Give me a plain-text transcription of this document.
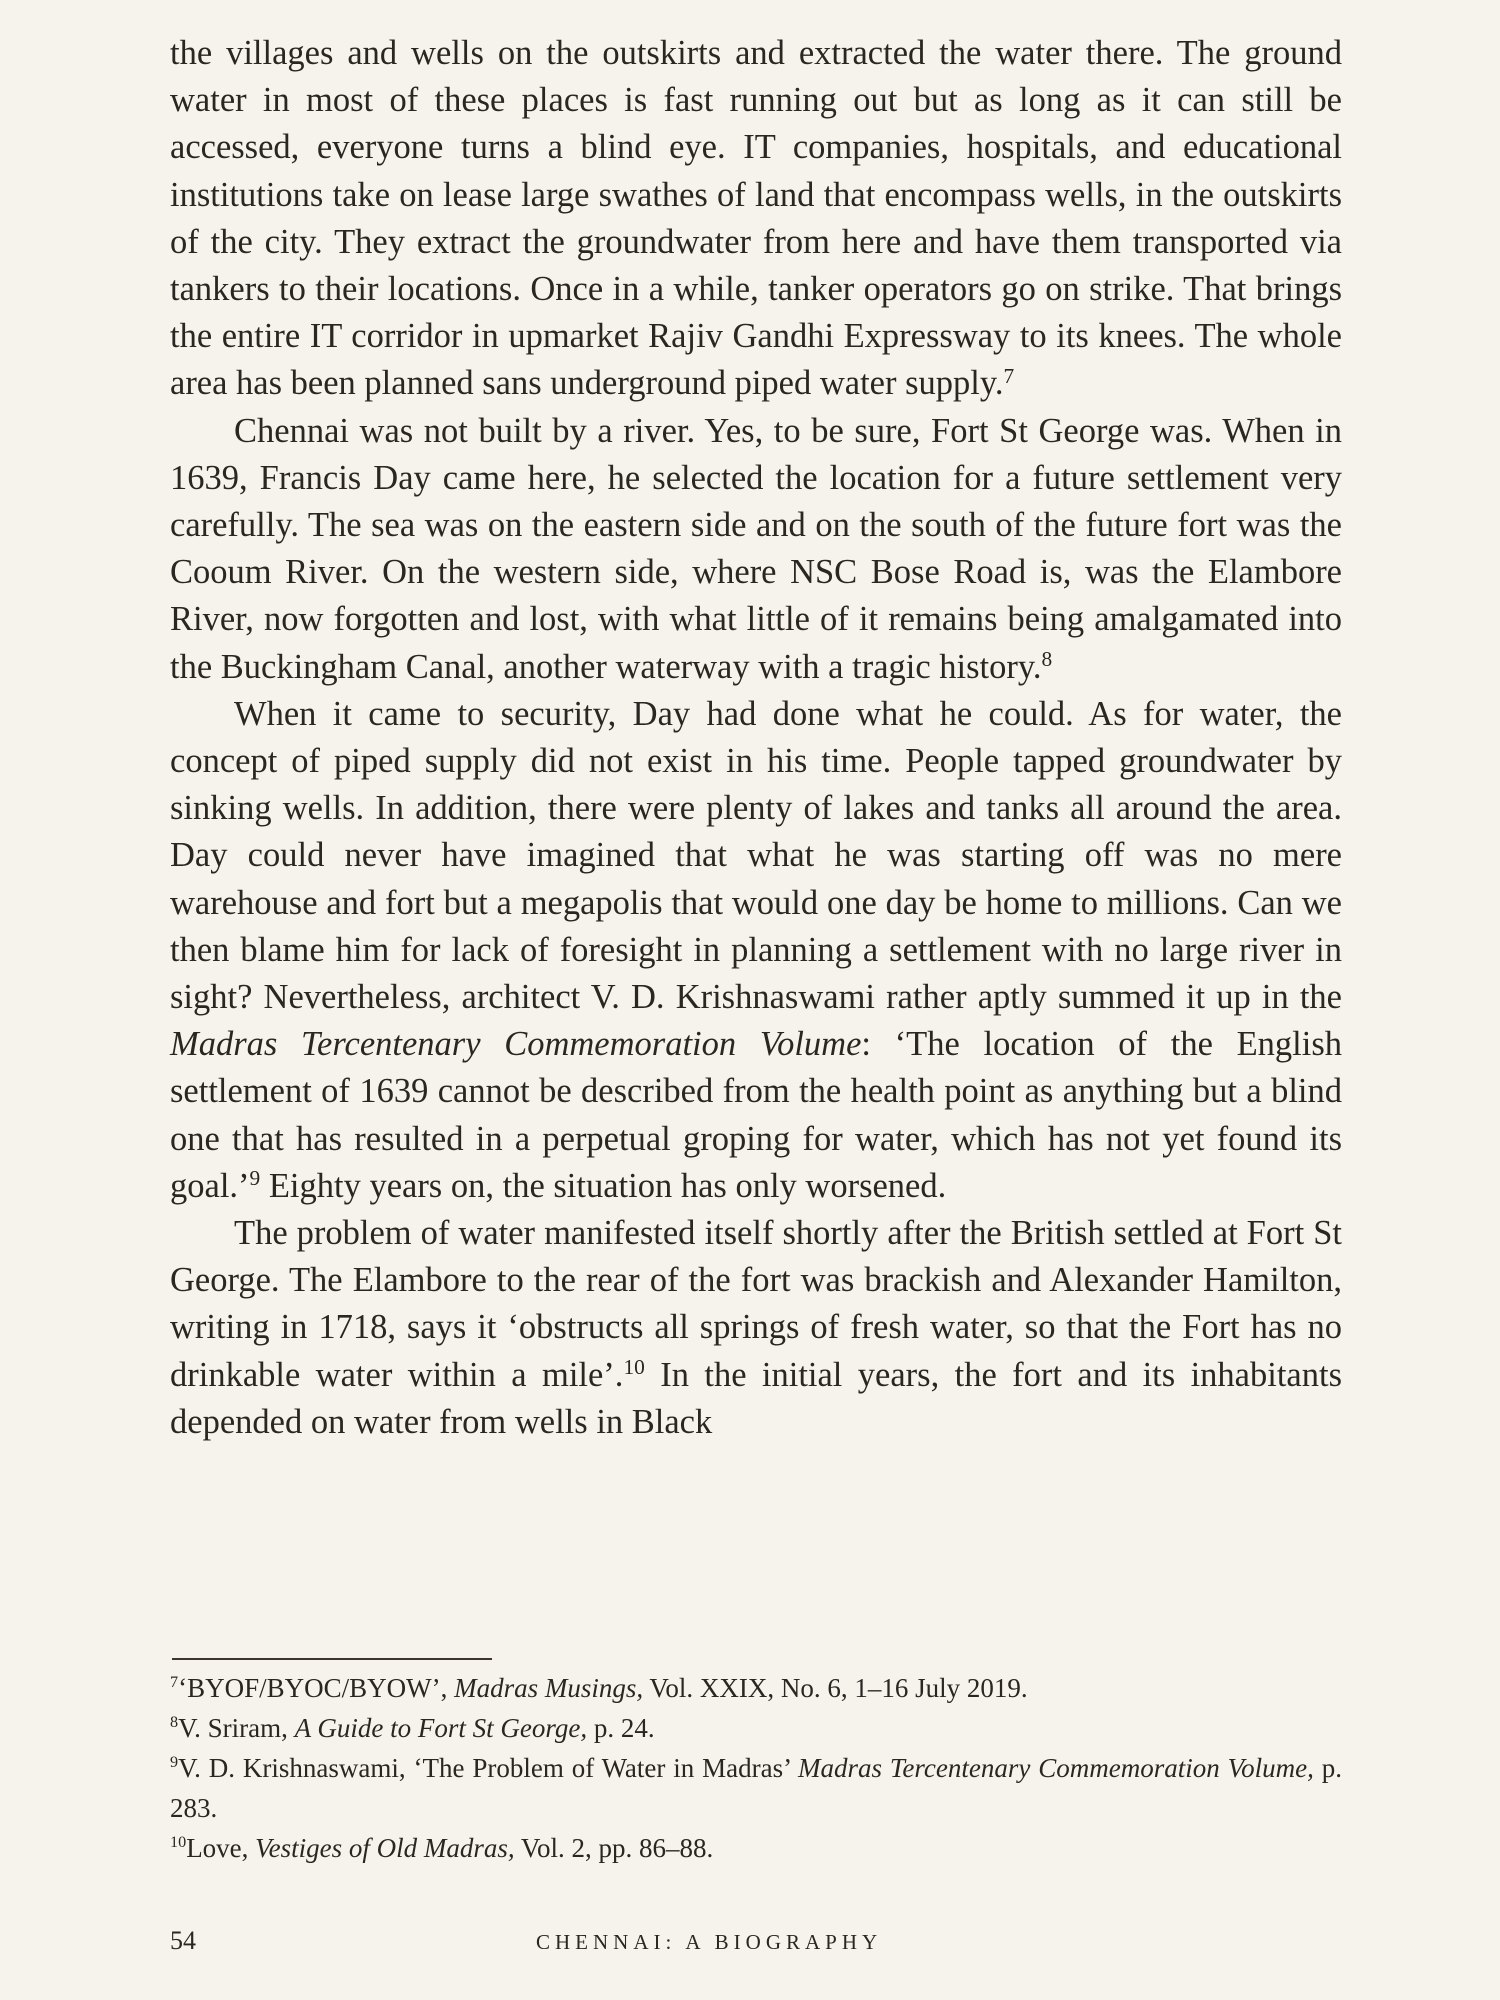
the villages and wells on the outskirts and extracted the water there. The ground water in most of these places is fast running out but as long as it can still be accessed, everyone turns a blind eye. IT companies, hospitals, and educational institutions take on lease large swathes of land that encompass wells, in the outskirts of the city. They extract the groundwater from here and have them transported via tankers to their locations. Once in a while, tanker operators go on strike. That brings the entire IT corridor in upmarket Rajiv Gandhi Expressway to its knees. The whole area has been planned sans underground piped water supply.$^7$

Chennai was not built by a river. Yes, to be sure, Fort St George was. When in 1639, Francis Day came here, he selected the location for a future settlement very carefully. The sea was on the eastern side and on the south of the future fort was the Cooum River. On the western side, where NSC Bose Road is, was the Elambore River, now forgotten and lost, with what little of it remains being amalgamated into the Buckingham Canal, another waterway with a tragic history.$^8$

When it came to security, Day had done what he could. As for water, the concept of piped supply did not exist in his time. People tapped groundwater by sinking wells. In addition, there were plenty of lakes and tanks all around the area. Day could never have imagined that what he was starting off was no mere warehouse and fort but a megapolis that would one day be home to millions. Can we then blame him for lack of foresight in planning a settlement with no large river in sight? Nevertheless, architect V. D. Krishnaswami rather aptly summed it up in the Madras Tercentenary Commemoration Volume: ‘The location of the English settlement of 1639 cannot be described from the health point as anything but a blind one that has resulted in a perpetual groping for water, which has not yet found its goal.’$^9$ Eighty years on, the situation has only worsened.

The problem of water manifested itself shortly after the British settled at Fort St George. The Elambore to the rear of the fort was brackish and Alexander Hamilton, writing in 1718, says it ‘obstructs all springs of fresh water, so that the Fort has no drinkable water within a mile’.$^{10}$ In the initial years, the fort and its inhabitants depended on water from wells in Black

$^7$‘BYOF/BYOC/BYOW’, Madras Musings, Vol. XXIX, No. 6, 1–16 July 2019.

$^8$V. Sriram, A Guide to Fort St George, p. 24.

$^9$V. D. Krishnaswami, ‘The Problem of Water in Madras’ Madras Tercentenary Commemoration Volume, p. 283.

$^{10}$Love, Vestiges of Old Madras, Vol. 2, pp. 86–88.

54	CHENNAI: A BIOGRAPHY
